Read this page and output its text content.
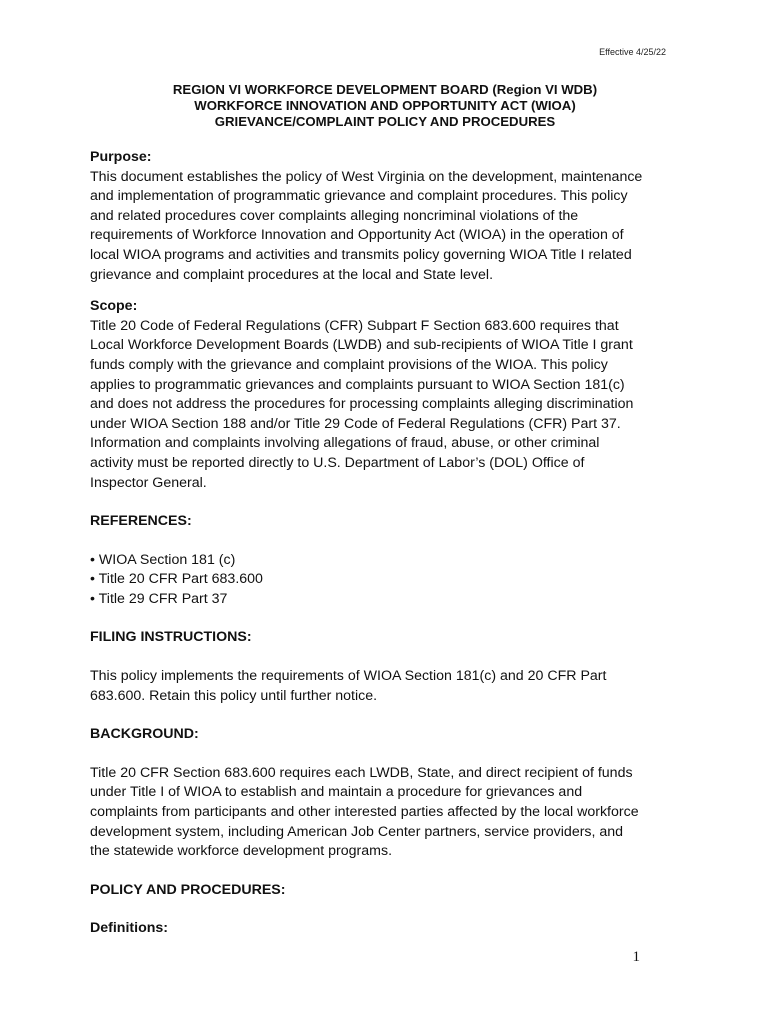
Effective 4/25/22
REGION VI WORKFORCE DEVELOPMENT BOARD (Region VI WDB)
WORKFORCE INNOVATION AND OPPORTUNITY ACT (WIOA)
GRIEVANCE/COMPLAINT POLICY AND PROCEDURES
Purpose:
This document establishes the policy of West Virginia on the development, maintenance
and implementation of programmatic grievance and complaint procedures. This policy
and related procedures cover complaints alleging noncriminal violations of the
requirements of Workforce Innovation and Opportunity Act (WIOA) in the operation of
local WIOA programs and activities and transmits policy governing WIOA Title I related
grievance and complaint procedures at the local and State level.
Scope:
Title 20 Code of Federal Regulations (CFR) Subpart F Section 683.600 requires that
Local Workforce Development Boards (LWDB) and sub-recipients of WIOA Title I grant
funds comply with the grievance and complaint provisions of the WIOA. This policy
applies to programmatic grievances and complaints pursuant to WIOA Section 181(c)
and does not address the procedures for processing complaints alleging discrimination
under WIOA Section 188 and/or Title 29 Code of Federal Regulations (CFR) Part 37.
Information and complaints involving allegations of fraud, abuse, or other criminal
activity must be reported directly to U.S. Department of Labor’s (DOL) Office of
Inspector General.
REFERENCES:
• WIOA Section 181 (c)
• Title 20 CFR Part 683.600
• Title 29 CFR Part 37
FILING INSTRUCTIONS:
This policy implements the requirements of WIOA Section 181(c) and 20 CFR Part
683.600. Retain this policy until further notice.
BACKGROUND:
Title 20 CFR Section 683.600 requires each LWDB, State, and direct recipient of funds
under Title I of WIOA to establish and maintain a procedure for grievances and
complaints from participants and other interested parties affected by the local workforce
development system, including American Job Center partners, service providers, and
the statewide workforce development programs.
POLICY AND PROCEDURES:
Definitions:
1
